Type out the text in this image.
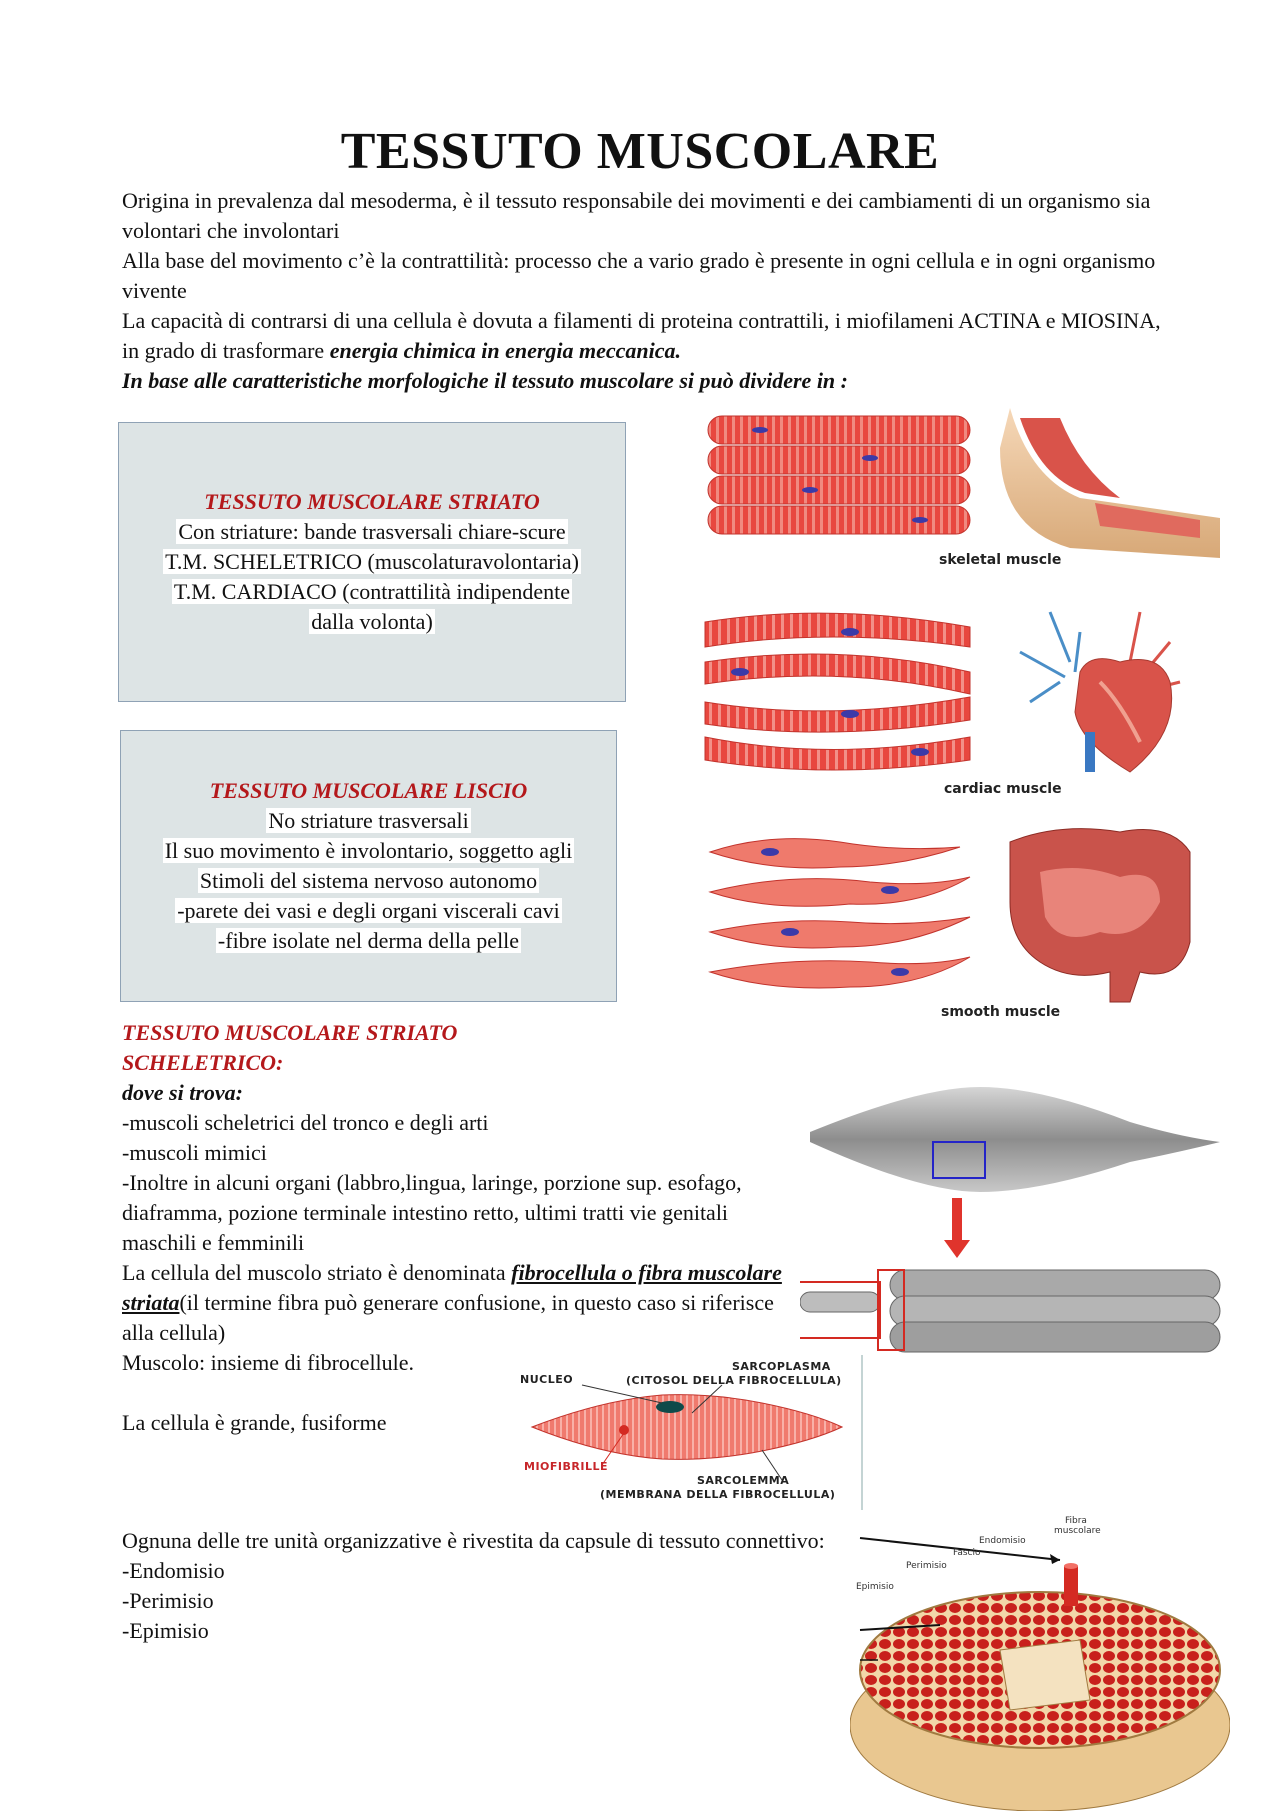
TESSUTO MUSCOLARE

Origina in prevalenza dal mesoderma, è il tessuto responsabile dei movimenti e dei cambiamenti di un organismo sia volontari che involontari

Alla base del movimento c’è la contrattilità: processo che a vario grado è presente in ogni cellula e in ogni organismo vivente

La capacità di contrarsi di una cellula è dovuta a filamenti di proteina contrattili, i miofilameni ACTINA e MIOSINA, in grado di trasformare energia chimica in energia meccanica.

In base alle caratteristiche morfologiche il tessuto muscolare si può dividere in :

TESSUTO MUSCOLARE STRIATO
Con striature: bande trasversali chiare-scure
T.M. SCHELETRICO (muscolaturavolontaria)
T.M. CARDIACO (contrattilità indipendente
dalla volonta)
TESSUTO MUSCOLARE LISCIO
No striature trasversali
Il suo movimento è involontario, soggetto agli
Stimoli del sistema nervoso autonomo
-parete dei vasi e degli organi viscerali cavi
-fibre isolate nel derma della pelle
skeletal muscle
cardiac muscle
smooth muscle

TESSUTO MUSCOLARE STRIATO

SCHELETRICO:

dove si trova:

-muscoli scheletrici del tronco e degli arti

-muscoli mimici

-Inoltre in alcuni organi (labbro,lingua, laringe, porzione sup. esofago, diaframma, pozione terminale intestino retto, ultimi tratti vie genitali maschili e femminili

La cellula del muscolo striato è denominata fibrocellula o fibra muscolare striata(il termine fibra può generare confusione, in questo caso si riferisce alla cellula)

Muscolo: insieme di fibrocellule.

La cellula è grande, fusiforme

NUCLEO
SARCOPLASMA
(CITOSOL DELLA FIBROCELLULA)
MIOFIBRILLE
SARCOLEMMA
(MEMBRANA DELLA FIBROCELLULA)

Ognuna delle tre unità organizzative è rivestita da capsule di tessuto connettivo:

-Endomisio

-Perimisio

-Epimisio

Fibra
muscolare
Endomisio
Fascio
Perimisio
Epimisio
